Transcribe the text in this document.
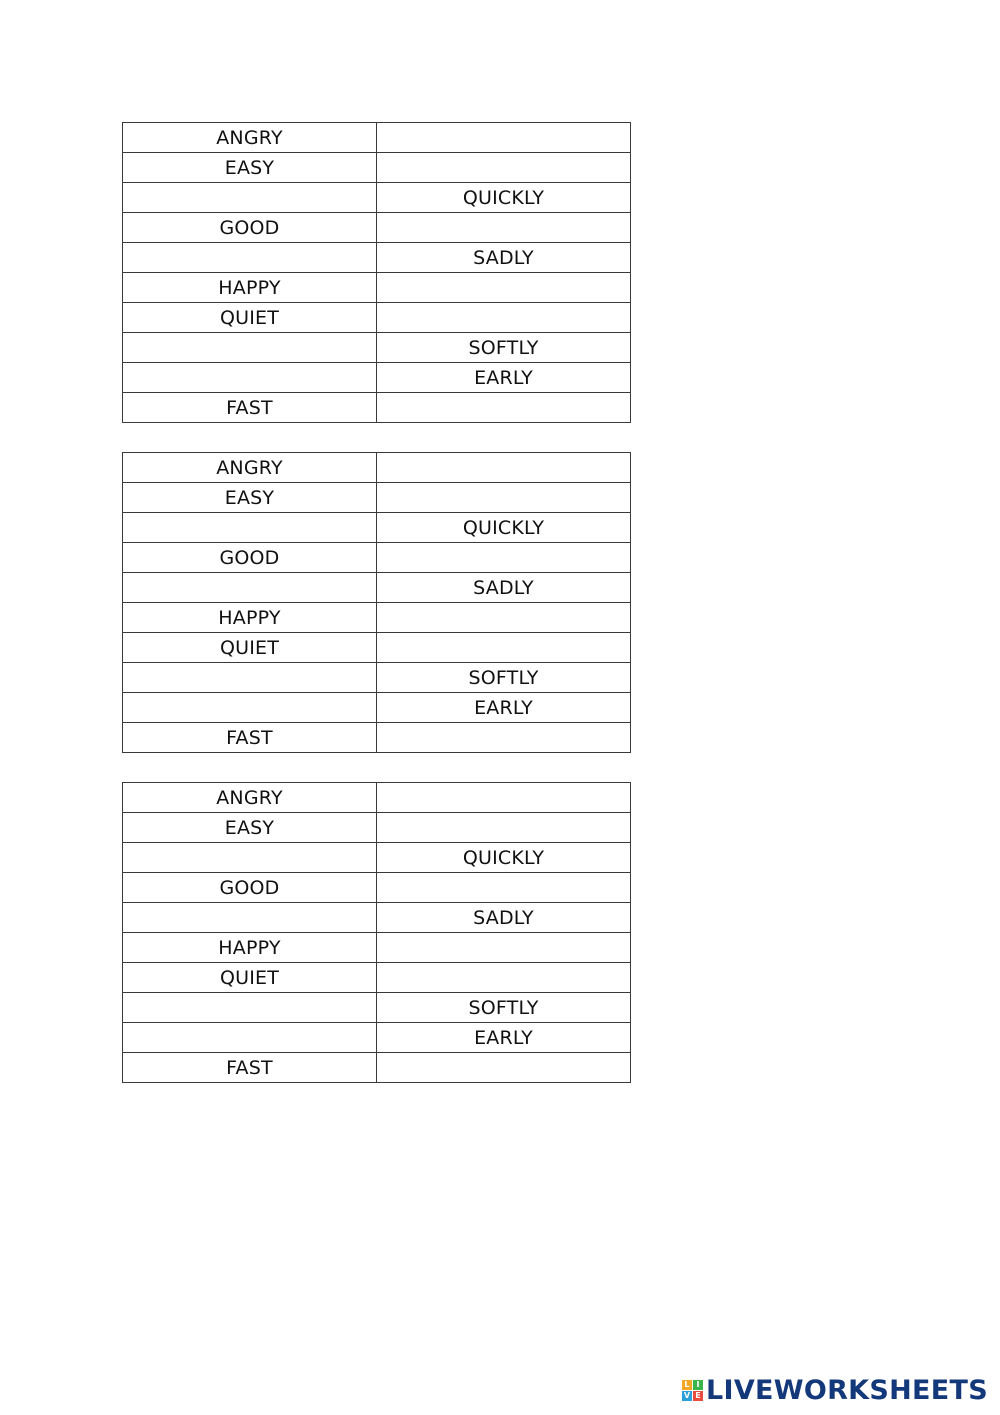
ANGRY	
EASY	
	QUICKLY
GOOD	
	SADLY
HAPPY	
QUIET	
	SOFTLY
	EARLY
FAST	
ANGRY	
EASY	
	QUICKLY
GOOD	
	SADLY
HAPPY	
QUIET	
	SOFTLY
	EARLY
FAST	
ANGRY	
EASY	
	QUICKLY
GOOD	
	SADLY
HAPPY	
QUIET	
	SOFTLY
	EARLY
FAST	
L I
V E LIVEWORKSHEETS
